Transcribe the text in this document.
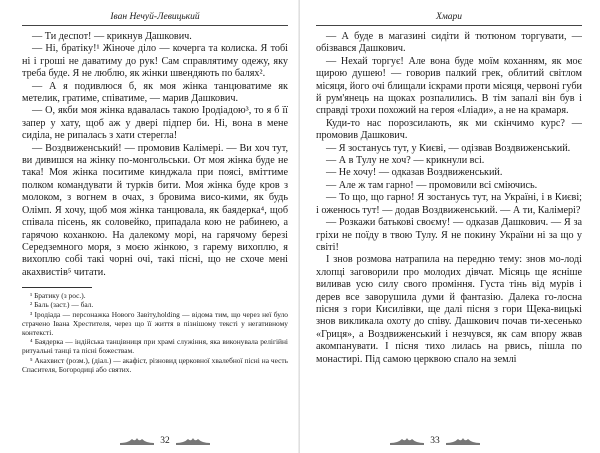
Іван Нечуй-Левицький

— Ти деспот! — крикнув Дашкович.

— Ні, братіку!¹ Жіноче діло — кочерга та колиска. Я тобі ні і гроші не даватиму до рук! Сам справлятиму одежу, яку треба буде. Я не люблю, як жінки швендяють по балях².

— А я подивлюся б, як моя жінка танцюватиме як метелик, гратиме, співатиме, — марив Дашкович.

— О, якби моя жінка вдавалась такою Іродіадою³, то я б її запер у хату, щоб аж у двері підпер би. Ні, вона в мене сиділа, не рипалась з хати стерегла!

— Воздвиженський! — промовив Калімері. — Ви хоч тут, ви дивишся на жінку по-монгольськи. От моя жінка буде не така! Моя жінка поситиме кинджала при поясі, вміттиме полком командувати й турків бити. Моя жінка буде кров з молоком, з вогнем в очах, з бровима висо-кими, як будь Олімп. Я хочу, щоб моя жінка танцювала, як баядерка⁴, щоб співала пісень, як соловейко, припадала кою не рабинею, а гарячою коханкою. На далекому морі, на гарячому березі Середземного моря, з моєю жінкою, з гарему вихоплю, я вихоплю собі такі чорні очі, такі пісні, що не схоче мені акахвистів⁵ читати.

¹ Братику (з рос.).

² Баль (заст.) — бал.

³ Іродіада — персонажка Нового Завіту,holding — відома тим, що через неї було страчено Івана Хрестителя, через що її життя в пізнішому тексті у негативному контексті.

⁴ Баядерка — індійська танцівниця при храмі служіння, яка виконувала релігійні ритуальні танці та пісні божествам.

⁵ Акахвист (розм.), (діал.) — акафіст, різновид церковної хвалебної пісні на честь Спасителя, Богородиці або святих.

32
Хмари

— А буде в магазині сидіти й тютюном торгувати, — обізвався Дашкович.

— Нехай торгує! Але вона буде моїм коханням, як моє щирою душею! — говорив палкий грек, облитий світлом місяця, його очі блищали іскрами проти місяця, червоні губи й рум'янець на щоках розпалились. В тім запалі він був і справді трохи похожий на героя «Іліади», а не на крамаря.

Куди-то нас порозсилають, як ми скінчимо курс? — промовив Дашкович.

— Я зостанусь тут, у Києві, — одізвав Воздвиженський.

— А в Тулу не хоч? — крикнули всі.

— Не хочу! — одказав Воздвиженський.

— Але ж там гарно! — промовили всі сміючись.

— То що, що гарно! Я зостанусь тут, на Україні, і в Києві; і оженюсь тут! — додав Воздвиженський. — А ти, Калімері?

— Розкажи батькові своєму! — одказав Дашкович. — Я за гріхи не поїду в твою Тулу. Я не покину України ні за що у світі!

І знов розмова натрапила на передню тему: знов мо-лоді хлопці заговорили про молодих дівчат. Місяць ще ясніше виливав усю силу свого проміння. Густа тінь від мурів і дерев все заворушила думи й фантазію. Далека го-лосна пісня з гори Кисилівки, ще далі пісня з гори Щека-вицькі знов викликала охоту до співу. Дашкович почав ти-хесенько «Гриця», а Воздвиженський і незчувся, як сам впору жвав акомпанувати. І пісня тихо лилась на рвись, пішла по монастирі. Під самою церквою спало на землі

33
